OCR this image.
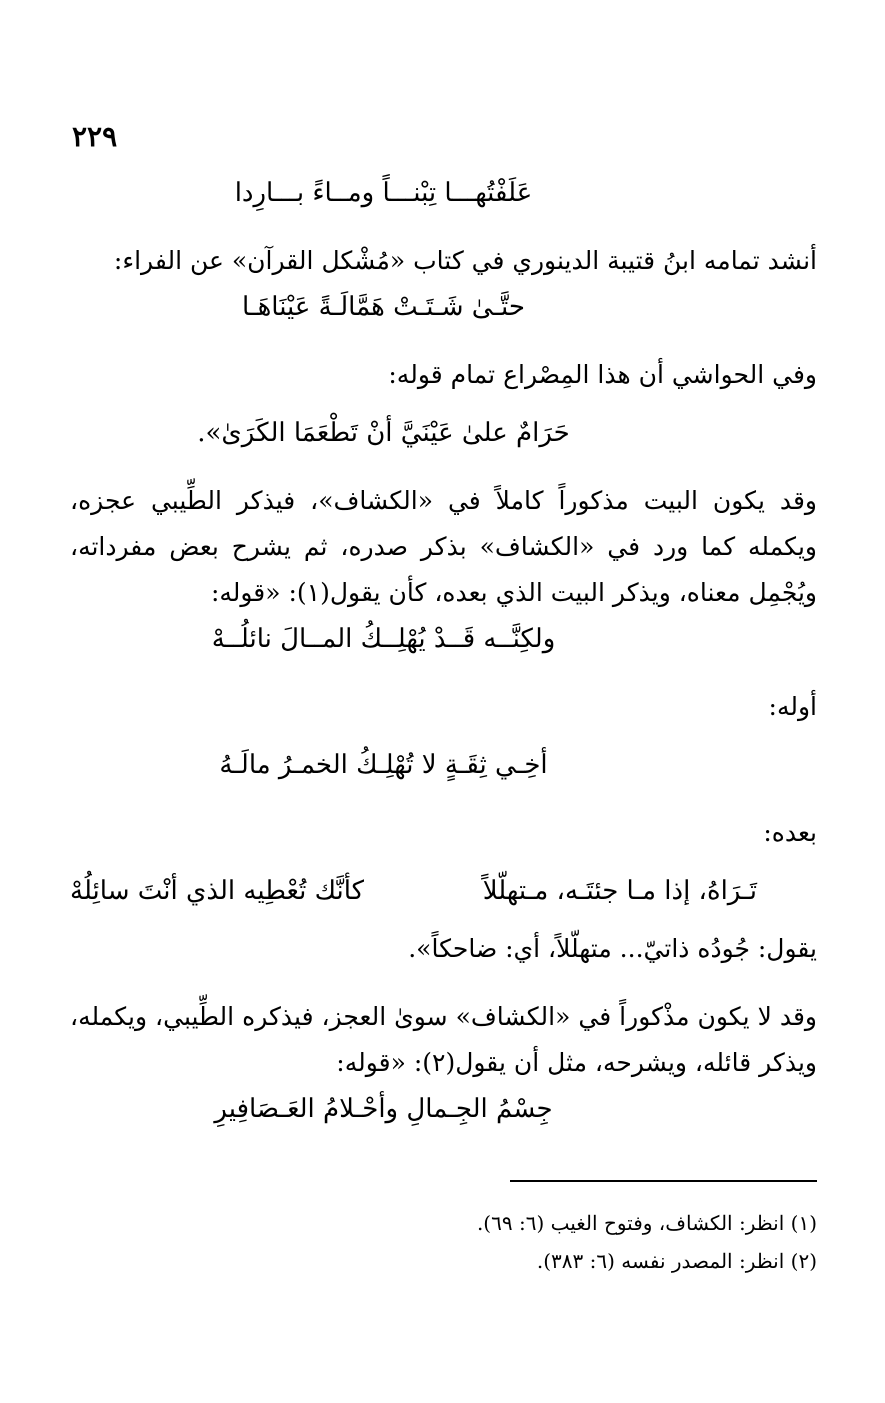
٢٢٩

عَلَفْتُهـــا تِبْنـــاً ومــاءً بـــارِدا

أنشد تمامه ابنُ قتيبة الدينوري في كتاب «مُشْكل القرآن» عن الفراء:

حتَّـىٰ شَـتَـتْ هَمَّالَـةً عَيْنَاهَـا

وفي الحواشي أن هذا المِصْراع تمام قوله:

حَرَامٌ علىٰ عَيْنَيَّ أنْ تَطْعَمَا الكَرَىٰ».

وقد يكون البيت مذكوراً كاملاً في «الكشاف»، فيذكر الطِّيبي عجزه، ويكمله كما ورد في «الكشاف» بذكر صدره، ثم يشرح بعض مفرداته، ويُجْمِل معناه، ويذكر البيت الذي بعده، كأن يقول(١): «قوله:

ولكِنَّــه قَــدْ يُهْلِــكُ المــالَ نائلُــهْ

أوله:

أخِـي ثِقَـةٍ لا تُهْلِـكُ الخمـرُ مالَـهُ

بعده:

تَـرَاهُ، إذا مـا جئتَـه، مـتهلّلاً
كأنَّك تُعْطِيه الذي أنْتَ سائِلُهْ

يقول: جُودُه ذاتيّ... متهلّلاً، أي: ضاحكاً».

وقد لا يكون مذْكوراً في «الكشاف» سوىٰ العجز، فيذكره الطِّيبي، ويكمله، ويذكر قائله، ويشرحه، مثل أن يقول(٢): «قوله:

جِسْمُ الجِـمالِ وأحْـلامُ العَـصَافِيرِ

(١) انظر: الكشاف، وفتوح الغيب (٦: ٦٩).

(٢) انظر: المصدر نفسه (٦: ٣٨٣).
